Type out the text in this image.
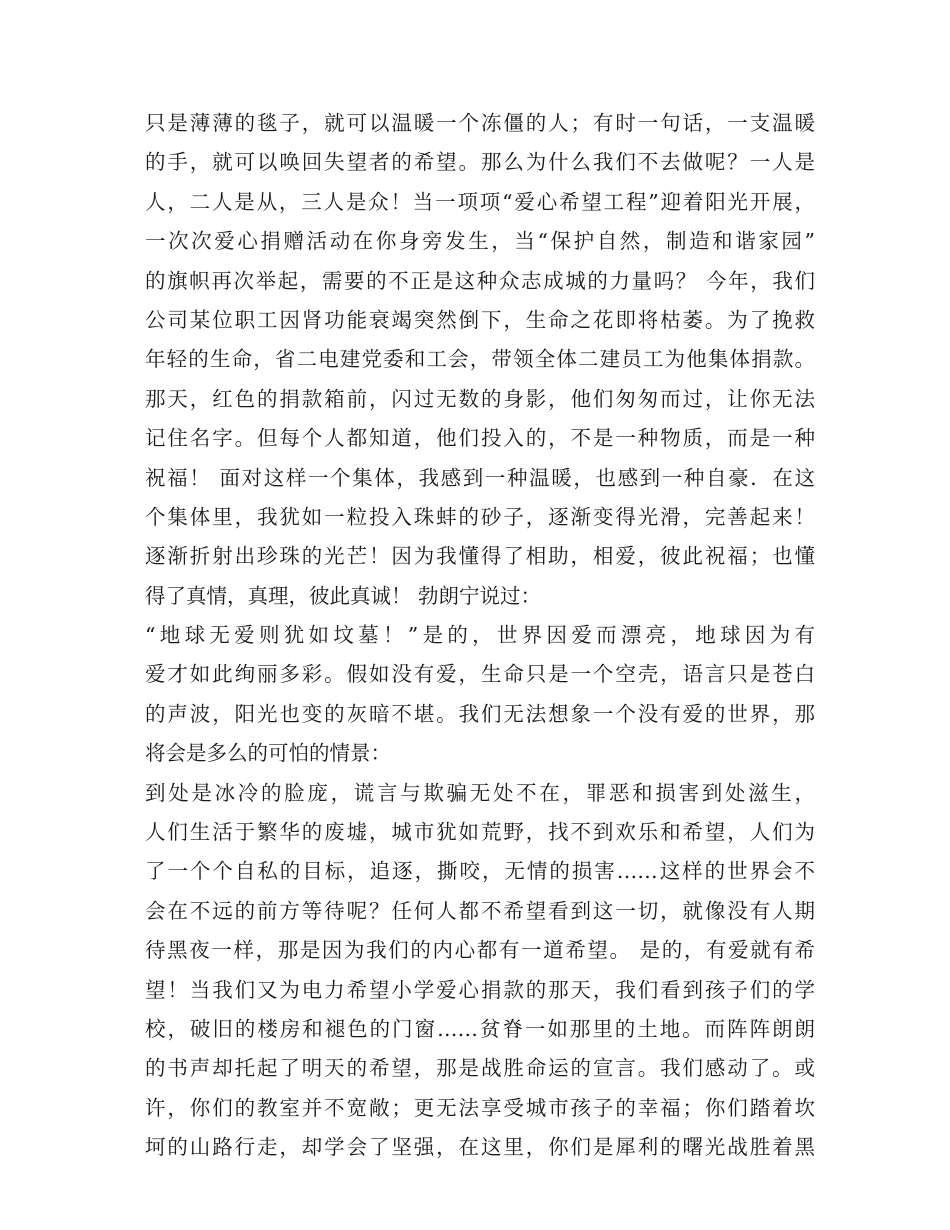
只是薄薄的毯子，就可以温暖一个冻僵的人；有时一句话，一支温暖
的手，就可以唤回失望者的希望。那么为什么我们不去做呢？一人是
人，二人是从，三人是众！当一项项“爱心希望工程”迎着阳光开展，
一次次爱心捐赠活动在你身旁发生，当“保护自然，制造和谐家园”
的旗帜再次举起，需要的不正是这种众志成城的力量吗？ 今年，我们
公司某位职工因肾功能衰竭突然倒下，生命之花即将枯萎。为了挽救
年轻的生命，省二电建党委和工会，带领全体二建员工为他集体捐款。
那天，红色的捐款箱前，闪过无数的身影，他们匆匆而过，让你无法
记住名字。但每个人都知道，他们投入的，不是一种物质，而是一种
祝福！ 面对这样一个集体，我感到一种温暖，也感到一种自豪．在这
个集体里，我犹如一粒投入珠蚌的砂子，逐渐变得光滑，完善起来！
逐渐折射出珍珠的光芒！因为我懂得了相助，相爱，彼此祝福；也懂
得了真情，真理，彼此真诚！ 勃朗宁说过：
“地球无爱则犹如坟墓！”是的，世界因爱而漂亮，地球因为有
爱才如此绚丽多彩。假如没有爱，生命只是一个空壳，语言只是苍白
的声波，阳光也变的灰暗不堪。我们无法想象一个没有爱的世界，那
将会是多么的可怕的情景：
到处是冰冷的脸庞，谎言与欺骗无处不在，罪恶和损害到处滋生，
人们生活于繁华的废墟，城市犹如荒野，找不到欢乐和希望，人们为
了一个个自私的目标，追逐，撕咬，无情的损害……这样的世界会不
会在不远的前方等待呢？任何人都不希望看到这一切，就像没有人期
待黑夜一样，那是因为我们的内心都有一道希望。 是的，有爱就有希
望！当我们又为电力希望小学爱心捐款的那天，我们看到孩子们的学
校，破旧的楼房和褪色的门窗……贫脊一如那里的土地。而阵阵朗朗
的书声却托起了明天的希望，那是战胜命运的宣言。我们感动了。或
许，你们的教室并不宽敞；更无法享受城市孩子的幸福；你们踏着坎
坷的山路行走，却学会了坚强，在这里，你们是犀利的曙光战胜着黑
